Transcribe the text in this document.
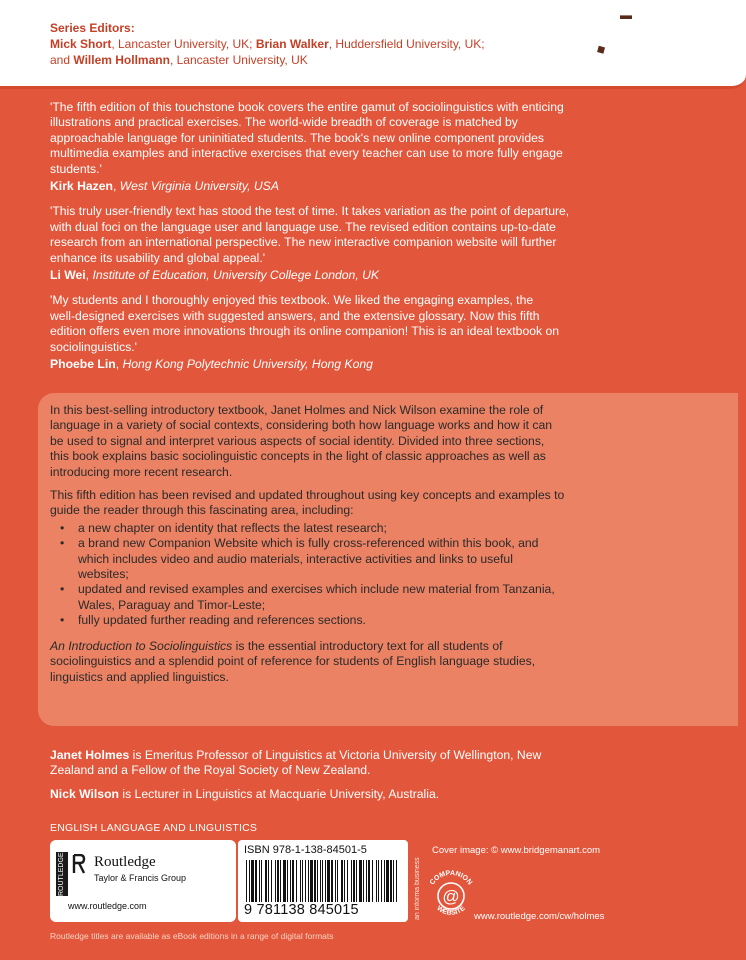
Series Editors:
Mick Short, Lancaster University, UK; Brian Walker, Huddersfield University, UK;
and Willem Hollmann, Lancaster University, UK
▬
◆

'The fifth edition of this touchstone book covers the entire gamut of sociolinguistics with enticing

illustrations and practical exercises. The world-wide breadth of coverage is matched by

approachable language for uninitiated students. The book's new online component provides

multimedia examples and interactive exercises that every teacher can use to more fully engage

students.'

Kirk Hazen, West Virginia University, USA

'This truly user-friendly text has stood the test of time. It takes variation as the point of departure,

with dual foci on the language user and language use. The revised edition contains up-to-date

research from an international perspective. The new interactive companion website will further

enhance its usability and global appeal.'

Li Wei, Institute of Education, University College London, UK

'My students and I thoroughly enjoyed this textbook. We liked the engaging examples, the

well-designed exercises with suggested answers, and the extensive glossary. Now this fifth

edition offers even more innovations through its online companion! This is an ideal textbook on

sociolinguistics.'

Phoebe Lin, Hong Kong Polytechnic University, Hong Kong

In this best-selling introductory textbook, Janet Holmes and Nick Wilson examine the role of
language in a variety of social contexts, considering both how language works and how it can
be used to signal and interpret various aspects of social identity. Divided into three sections,
this book explains basic sociolinguistic concepts in the light of classic approaches as well as
introducing more recent research.

This fifth edition has been revised and updated throughout using key concepts and examples to
guide the reader through this fascinating area, including:

• a new chapter on identity that reflects the latest research;
• a brand new Companion Website which is fully cross-referenced within this book, and
which includes video and audio materials, interactive activities and links to useful
websites;
• updated and revised examples and exercises which include new material from Tanzania,
Wales, Paraguay and Timor-Leste;
• fully updated further reading and references sections.

An Introduction to Sociolinguistics is the essential introductory text for all students of
sociolinguistics and a splendid point of reference for students of English language studies,
linguistics and applied linguistics.

Janet Holmes is Emeritus Professor of Linguistics at Victoria University of Wellington, New
Zealand and a Fellow of the Royal Society of New Zealand.

Nick Wilson is Lecturer in Linguistics at Macquarie University, Australia.

ENGLISH LANGUAGE AND LINGUISTICS
ROUTLEDGE Routledge
Taylor & Francis Group
www.routledge.com
ISBN 978-1-138-84501-5
9 781138 845015	an informa business
Cover image: © www.bridgemanart.com
@
COMPANION
WEBSITE
www.routledge.com/cw/holmes
Routledge titles are available as eBook editions in a range of digital formats
